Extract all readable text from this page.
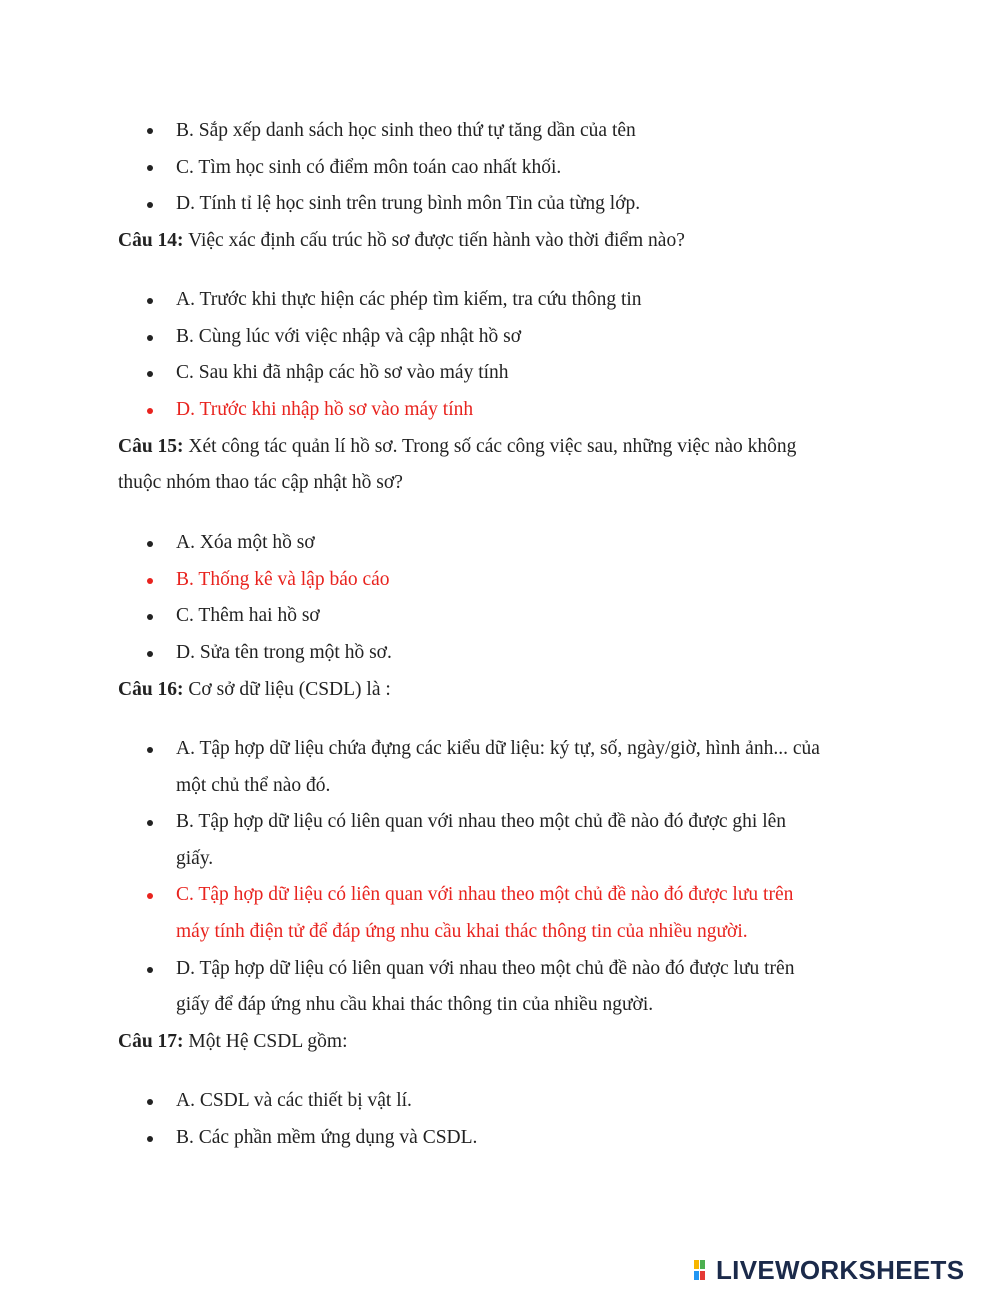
B. Sắp xếp danh sách học sinh theo thứ tự tăng dần của tên
C. Tìm học sinh có điểm môn toán cao nhất khối.
D. Tính tỉ lệ học sinh trên trung bình môn Tin của từng lớp.
Câu 14: Việc xác định cấu trúc hồ sơ được tiến hành vào thời điểm nào?
A. Trước khi thực hiện các phép tìm kiếm, tra cứu thông tin
B. Cùng lúc với việc nhập và cập nhật hồ sơ
C. Sau khi đã nhập các hồ sơ vào máy tính
D. Trước khi nhập hồ sơ vào máy tính
Câu 15: Xét công tác quản lí hồ sơ. Trong số các công việc sau, những việc nào không
thuộc nhóm thao tác cập nhật hồ sơ?
A. Xóa một hồ sơ
B. Thống kê và lập báo cáo
C. Thêm hai hồ sơ
D. Sửa tên trong một hồ sơ.
Câu 16: Cơ sở dữ liệu (CSDL) là :
A. Tập hợp dữ liệu chứa đựng các kiểu dữ liệu: ký tự, số, ngày/giờ, hình ảnh... của
một chủ thể nào đó.
B. Tập hợp dữ liệu có liên quan với nhau theo một chủ đề nào đó được ghi lên
giấy.
C. Tập hợp dữ liệu có liên quan với nhau theo một chủ đề nào đó được lưu trên
máy tính điện tử để đáp ứng nhu cầu khai thác thông tin của nhiều người.
D. Tập hợp dữ liệu có liên quan với nhau theo một chủ đề nào đó được lưu trên
giấy để đáp ứng nhu cầu khai thác thông tin của nhiều người.
Câu 17: Một Hệ CSDL gồm:
A. CSDL và các thiết bị vật lí.
B. Các phần mềm ứng dụng và CSDL.
LIVEWORKSHEETS
